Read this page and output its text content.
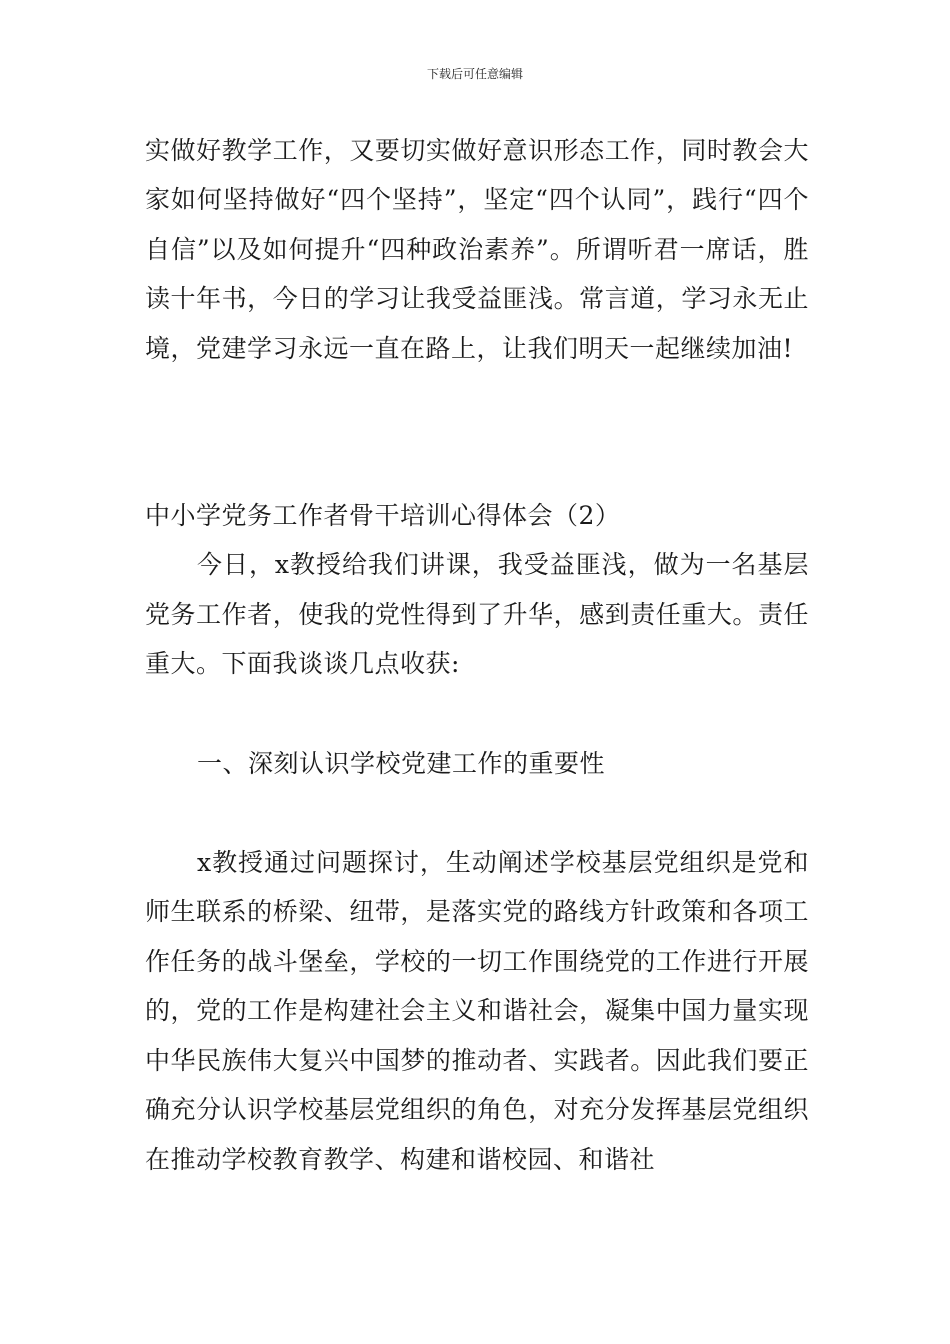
下载后可任意编辑

实做好教学工作，又要切实做好意识形态工作，同时教会大家如何坚持做好“四个坚持”，坚定“四个认同”，践行“四个自信”以及如何提升“四种政治素养”。所谓听君一席话，胜读十年书，今日的学习让我受益匪浅。常言道，学习永无止境，党建学习永远一直在路上，让我们明天一起继续加油!

中小学党务工作者骨干培训心得体会（2）

今日，x教授给我们讲课，我受益匪浅，做为一名基层党务工作者，使我的党性得到了升华，感到责任重大。责任重大。下面我谈谈几点收获:

一、深刻认识学校党建工作的重要性

x教授通过问题探讨，生动阐述学校基层党组织是党和师生联系的桥梁、纽带，是落实党的路线方针政策和各项工作任务的战斗堡垒，学校的一切工作围绕党的工作进行开展的，党的工作是构建社会主义和谐社会，凝集中国力量实现中华民族伟大复兴中国梦的推动者、实践者。因此我们要正确充分认识学校基层党组织的角色，对充分发挥基层党组织在推动学校教育教学、构建和谐校园、和谐社
